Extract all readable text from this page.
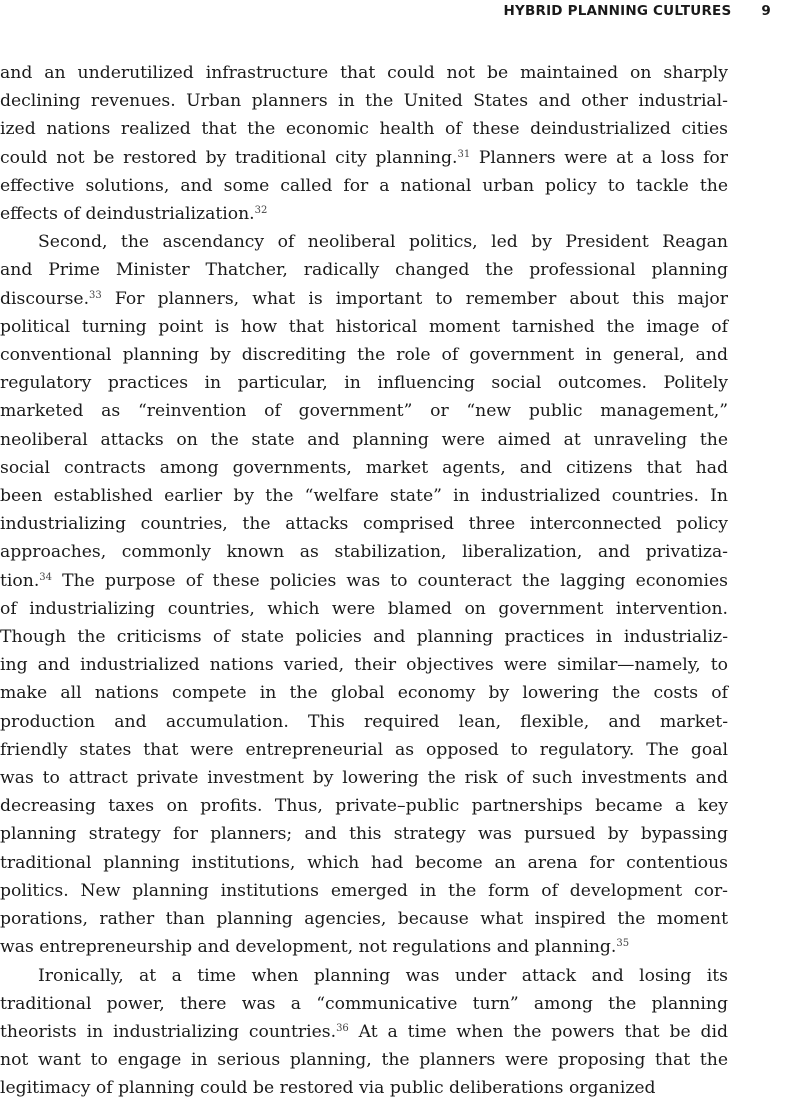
HYBRID PLANNING CULTURES 9
and an underutilized infrastructure that could not be maintained on sharply
declining revenues. Urban planners in the United States and other industrial-
ized nations realized that the economic health of these deindustrialized cities
could not be restored by traditional city planning.$^{31}$ Planners were at a loss for
effective solutions, and some called for a national urban policy to tackle the
effects of deindustrialization.$^{32}$
Second, the ascendancy of neoliberal politics, led by President Reagan
and Prime Minister Thatcher, radically changed the professional planning
discourse.$^{33}$ For planners, what is important to remember about this major
political turning point is how that historical moment tarnished the image of
conventional planning by discrediting the role of government in general, and
regulatory practices in particular, in influencing social outcomes. Politely
marketed as “reinvention of government” or “new public management,”
neoliberal attacks on the state and planning were aimed at unraveling the
social contracts among governments, market agents, and citizens that had
been established earlier by the “welfare state” in industrialized countries. In
industrializing countries, the attacks comprised three interconnected policy
approaches, commonly known as stabilization, liberalization, and privatiza-
tion.$^{34}$ The purpose of these policies was to counteract the lagging economies
of industrializing countries, which were blamed on government intervention.
Though the criticisms of state policies and planning practices in industrializ-
ing and industrialized nations varied, their objectives were similar—namely, to
make all nations compete in the global economy by lowering the costs of
production and accumulation. This required lean, flexible, and market-
friendly states that were entrepreneurial as opposed to regulatory. The goal
was to attract private investment by lowering the risk of such investments and
decreasing taxes on profits. Thus, private–public partnerships became a key
planning strategy for planners; and this strategy was pursued by bypassing
traditional planning institutions, which had become an arena for contentious
politics. New planning institutions emerged in the form of development cor-
porations, rather than planning agencies, because what inspired the moment
was entrepreneurship and development, not regulations and planning.$^{35}$
Ironically, at a time when planning was under attack and losing its
traditional power, there was a “communicative turn” among the planning
theorists in industrializing countries.$^{36}$ At a time when the powers that be did
not want to engage in serious planning, the planners were proposing that the
legitimacy of planning could be restored via public deliberations organized
